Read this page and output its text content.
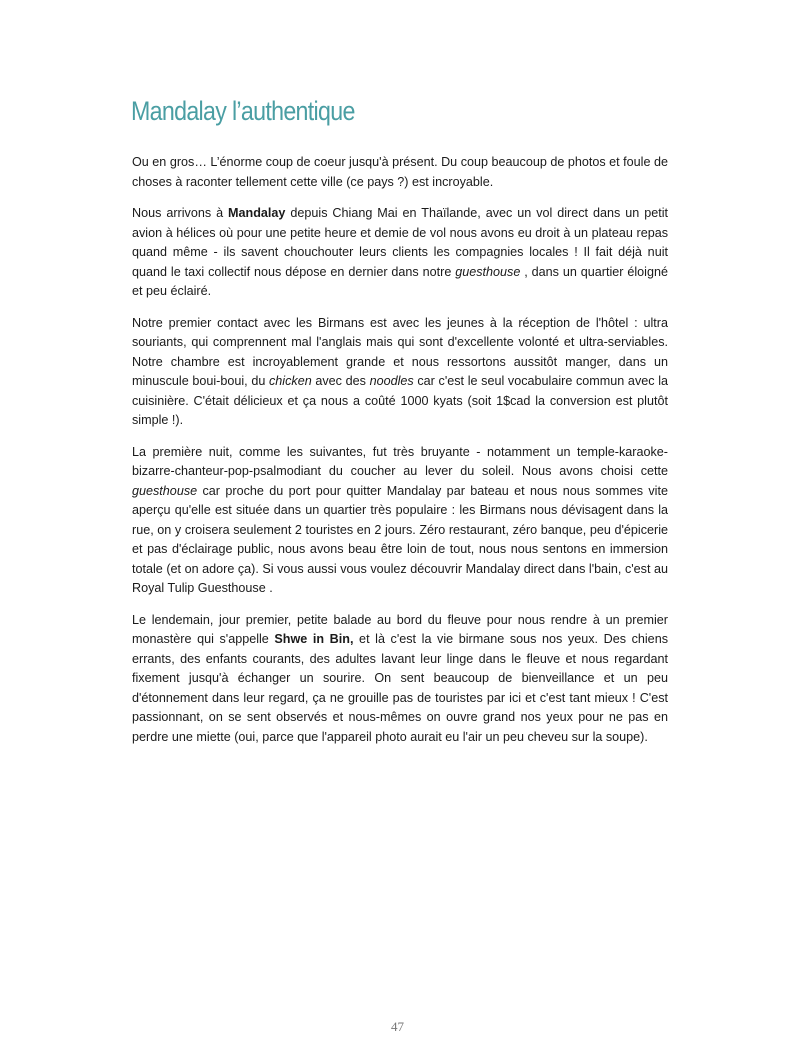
Mandalay l’authentique

Ou en gros… L’énorme coup de coeur jusqu'à présent. Du coup beaucoup de photos et foule de choses à raconter tellement cette ville (ce pays ?) est incroyable.

Nous arrivons à Mandalay depuis Chiang Mai en Thaïlande, avec un vol direct dans un petit avion à hélices où pour une petite heure et demie de vol nous avons eu droit à un plateau repas quand même - ils savent chouchouter leurs clients les compagnies locales ! Il fait déjà nuit quand le taxi collectif nous dépose en dernier dans notre guesthouse , dans un quartier éloigné et peu éclairé.

Notre premier contact avec les Birmans est avec les jeunes à la réception de l'hôtel : ultra souriants, qui comprennent mal l'anglais mais qui sont d'excellente volonté et ultra-serviables. Notre chambre est incroyablement grande et nous ressortons aussitôt manger, dans un minuscule boui-boui, du chicken avec des noodles car c'est le seul vocabulaire commun avec la cuisinière. C'était délicieux et ça nous a coûté 1000 kyats (soit 1$cad la conversion est plutôt simple !).

La première nuit, comme les suivantes, fut très bruyante - notamment un temple-karaoke-bizarre-chanteur-pop-psalmodiant du coucher au lever du soleil. Nous avons choisi cette guesthouse car proche du port pour quitter Mandalay par bateau et nous nous sommes vite aperçu qu'elle est située dans un quartier très populaire : les Birmans nous dévisagent dans la rue, on y croisera seulement 2 touristes en 2 jours. Zéro restaurant, zéro banque, peu d'épicerie et pas d'éclairage public, nous avons beau être loin de tout, nous nous sentons en immersion totale (et on adore ça). Si vous aussi vous voulez découvrir Mandalay direct dans l'bain, c'est au Royal Tulip Guesthouse .

Le lendemain, jour premier, petite balade au bord du fleuve pour nous rendre à un premier monastère qui s'appelle Shwe in Bin, et là c'est la vie birmane sous nos yeux. Des chiens errants, des enfants courants, des adultes lavant leur linge dans le fleuve et nous regardant fixement jusqu'à échanger un sourire. On sent beaucoup de bienveillance et un peu d'étonnement dans leur regard, ça ne grouille pas de touristes par ici et c'est tant mieux ! C'est passionnant, on se sent observés et nous-mêmes on ouvre grand nos yeux pour ne pas en perdre une miette (oui, parce que l'appareil photo aurait eu l'air un peu cheveu sur la soupe).

47
